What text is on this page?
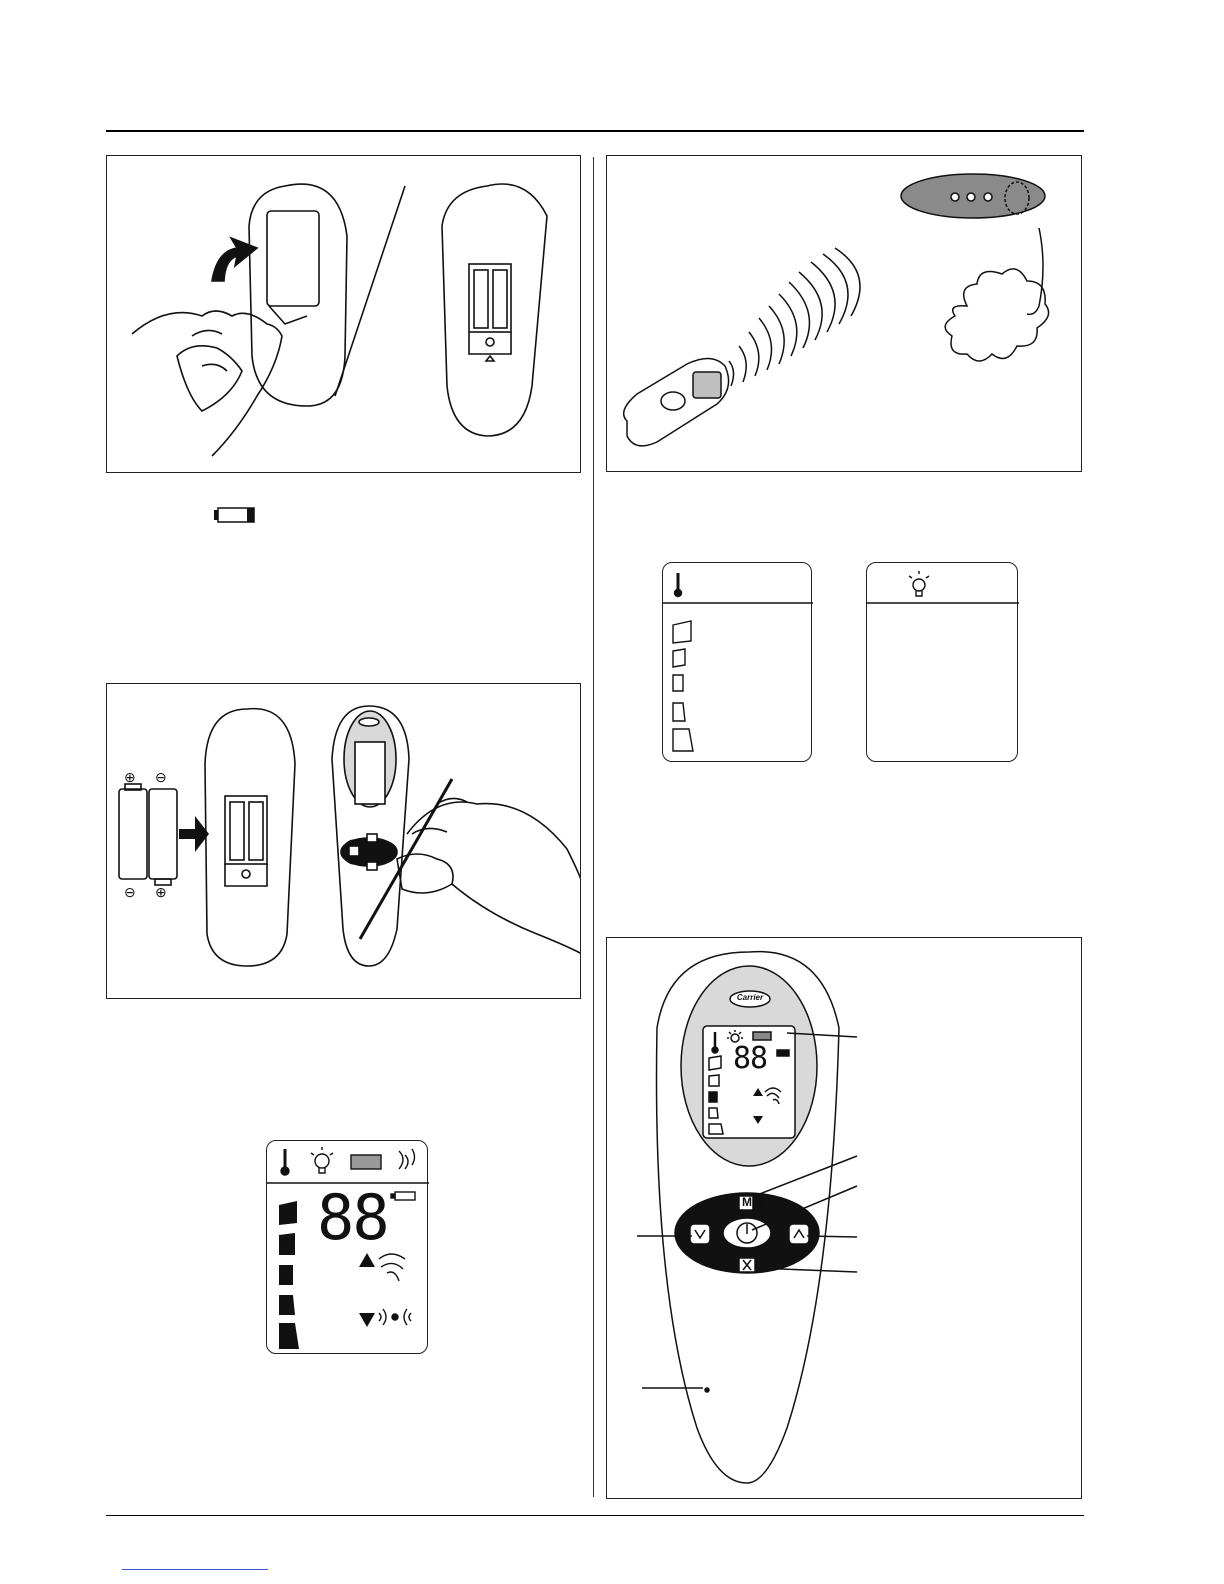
⊕ ⊖
⊖ ⊕
88
Carrier
88
M
